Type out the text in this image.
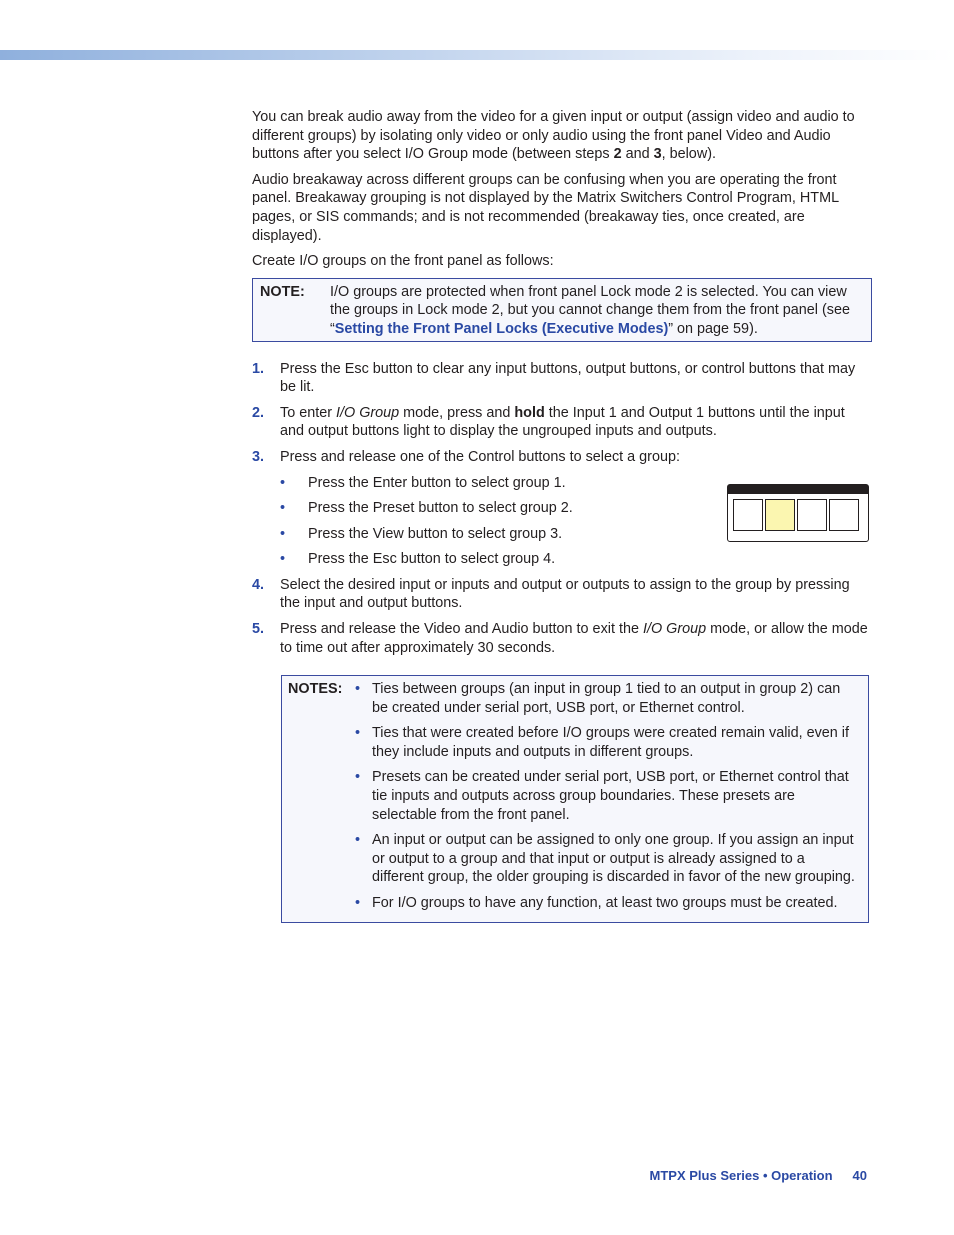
You can break audio away from the video for a given input or output (assign video and audio to different groups) by isolating only video or only audio using the front panel Video and Audio buttons after you select I/O Group mode (between steps 2 and 3, below).

Audio breakaway across different groups can be confusing when you are operating the front panel. Breakaway grouping is not displayed by the Matrix Switchers Control Program, HTML pages, or SIS commands; and is not recommended (breakaway ties, once created, are displayed).

Create I/O groups on the front panel as follows:

NOTE:	I/O groups are protected when front panel Lock mode 2 is selected. You can view the groups in Lock mode 2, but you cannot change them from the front panel (see “Setting the Front Panel Locks (Executive Modes)” on page 59).
1. Press the Esc button to clear any input buttons, output buttons, or control buttons that may be lit.
2. To enter I/O Group mode, press and hold the Input 1 and Output 1 buttons until the input and output buttons light to display the ungrouped inputs and outputs.
3. Press and release one of the Control buttons to select a group:
• Press the Enter button to select group 1.
• Press the Preset button to select group 2.
• Press the View button to select group 3.
• Press the Esc button to select group 4.
4. Select the desired input or inputs and output or outputs to assign to the group by pressing the input and output buttons.
5. Press and release the Video and Audio button to exit the I/O Group mode, or allow the mode to time out after approximately 30 seconds.
NOTES: • Ties between groups (an input in group 1 tied to an output in group 2) can be created under serial port, USB port, or Ethernet control.
• Ties that were created before I/O groups were created remain valid, even if they include inputs and outputs in different groups.
• Presets can be created under serial port, USB port, or Ethernet control that tie inputs and outputs across group boundaries. These presets are selectable from the front panel.
• An input or output can be assigned to only one group. If you assign an input or output to a group and that input or output is already assigned to a different group, the older grouping is discarded in favor of the new grouping.
• For I/O groups to have any function, at least two groups must be created.
MTPX Plus Series • Operation 40
